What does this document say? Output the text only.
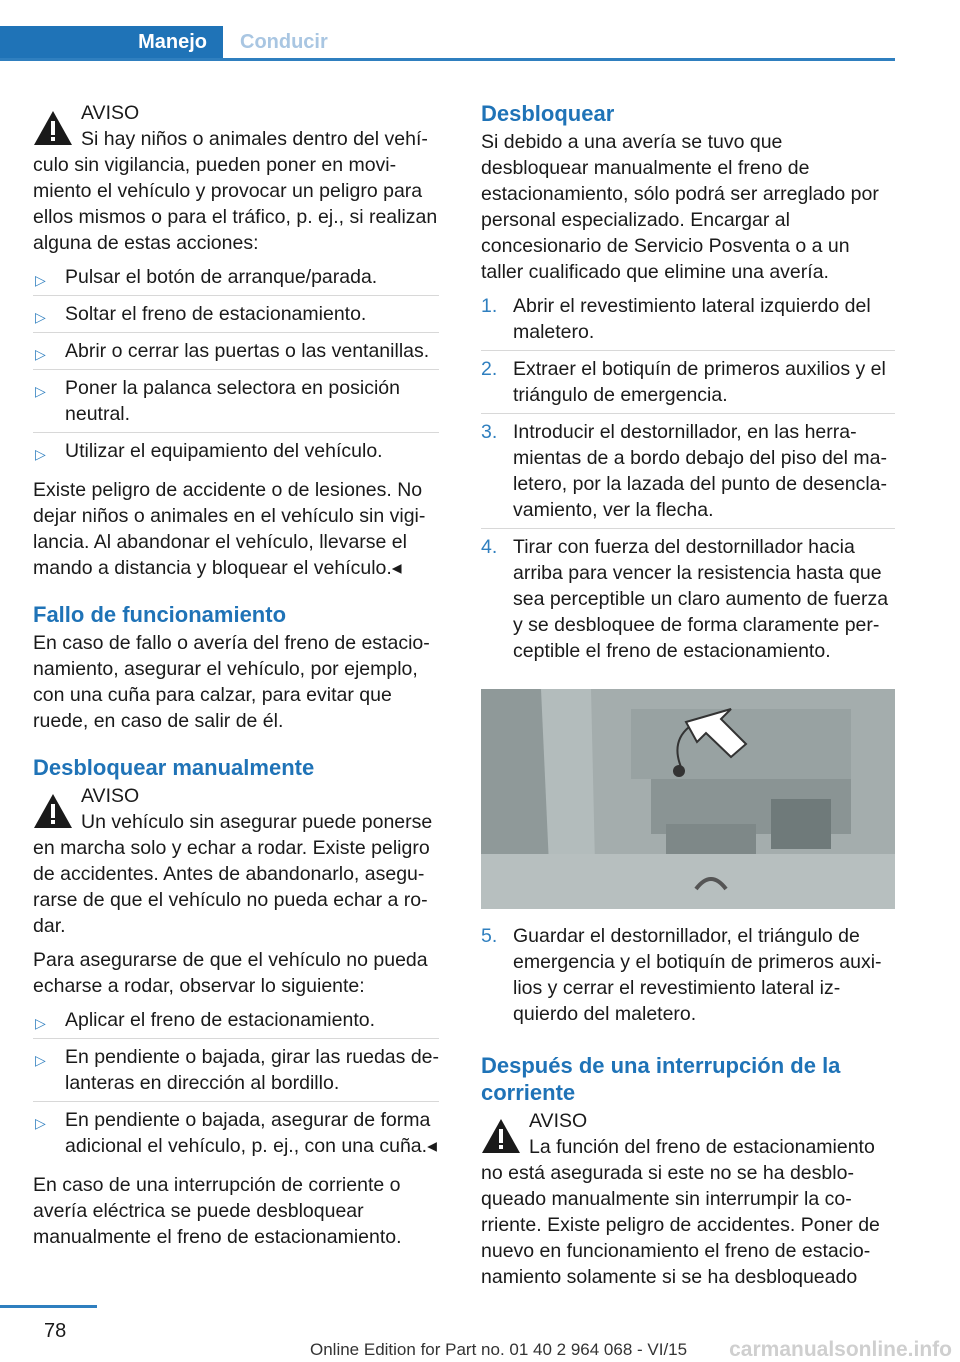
Manejo Conducir
AVISO

Si hay niños o animales dentro del vehículo sin vigilancia, pueden poner en movimiento el vehículo y provocar un peligro para ellos mismos o para el tráfico, p. ej., si realizan alguna de estas acciones:

▷ Pulsar el botón de arranque/parada.
▷ Soltar el freno de estacionamiento.
▷ Abrir o cerrar las puertas o las ventanillas.
▷ Poner la palanca selectora en posición neutral.
▷ Utilizar el equipamiento del vehículo.

Existe peligro de accidente o de lesiones. No dejar niños o animales en el vehículo sin vigilancia. Al abandonar el vehículo, llevarse el mando a distancia y bloquear el vehículo.◂

Fallo de funcionamiento

En caso de fallo o avería del freno de estacionamiento, asegurar el vehículo, por ejemplo, con una cuña para calzar, para evitar que ruede, en caso de salir de él.

Desbloquear manualmente
AVISO

Un vehículo sin asegurar puede ponerse en marcha solo y echar a rodar. Existe peligro de accidentes. Antes de abandonarlo, asegurarse de que el vehículo no pueda echar a rodar.

Para asegurarse de que el vehículo no pueda echarse a rodar, observar lo siguiente:

▷ Aplicar el freno de estacionamiento.
▷ En pendiente o bajada, girar las ruedas delanteras en dirección al bordillo.
▷ En pendiente o bajada, asegurar de forma adicional el vehículo, p. ej., con una cuña.◂

En caso de una interrupción de corriente o avería eléctrica se puede desbloquear manualmente el freno de estacionamiento.

Desbloquear

Si debido a una avería se tuvo que desbloquear manualmente el freno de estacionamiento, sólo podrá ser arreglado por personal especializado. Encargar al concesionario de Servicio Posventa o a un taller cualificado que elimine una avería.

1. Abrir el revestimiento lateral izquierdo del maletero.
2. Extraer el botiquín de primeros auxilios y el triángulo de emergencia.
3. Introducir el destornillador, en las herramientas de a bordo debajo del piso del maletero, por la lazada del punto de desenclavamiento, ver la flecha.
4. Tirar con fuerza del destornillador hacia arriba para vencer la resistencia hasta que sea perceptible un claro aumento de fuerza y se desbloquee de forma claramente perceptible el freno de estacionamiento.
5. Guardar el destornillador, el triángulo de emergencia y el botiquín de primeros auxilios y cerrar el revestimiento lateral izquierdo del maletero.
Después de una interrupción de la corriente
AVISO

La función del freno de estacionamiento no está asegurada si este no se ha desbloqueado manualmente sin interrumpir la corriente. Existe peligro de accidentes. Poner de nuevo en funcionamiento el freno de estacionamiento solamente si se ha desbloqueado

78
Online Edition for Part no. 01 40 2 964 068 - VI/15 carmanualsonline.info
